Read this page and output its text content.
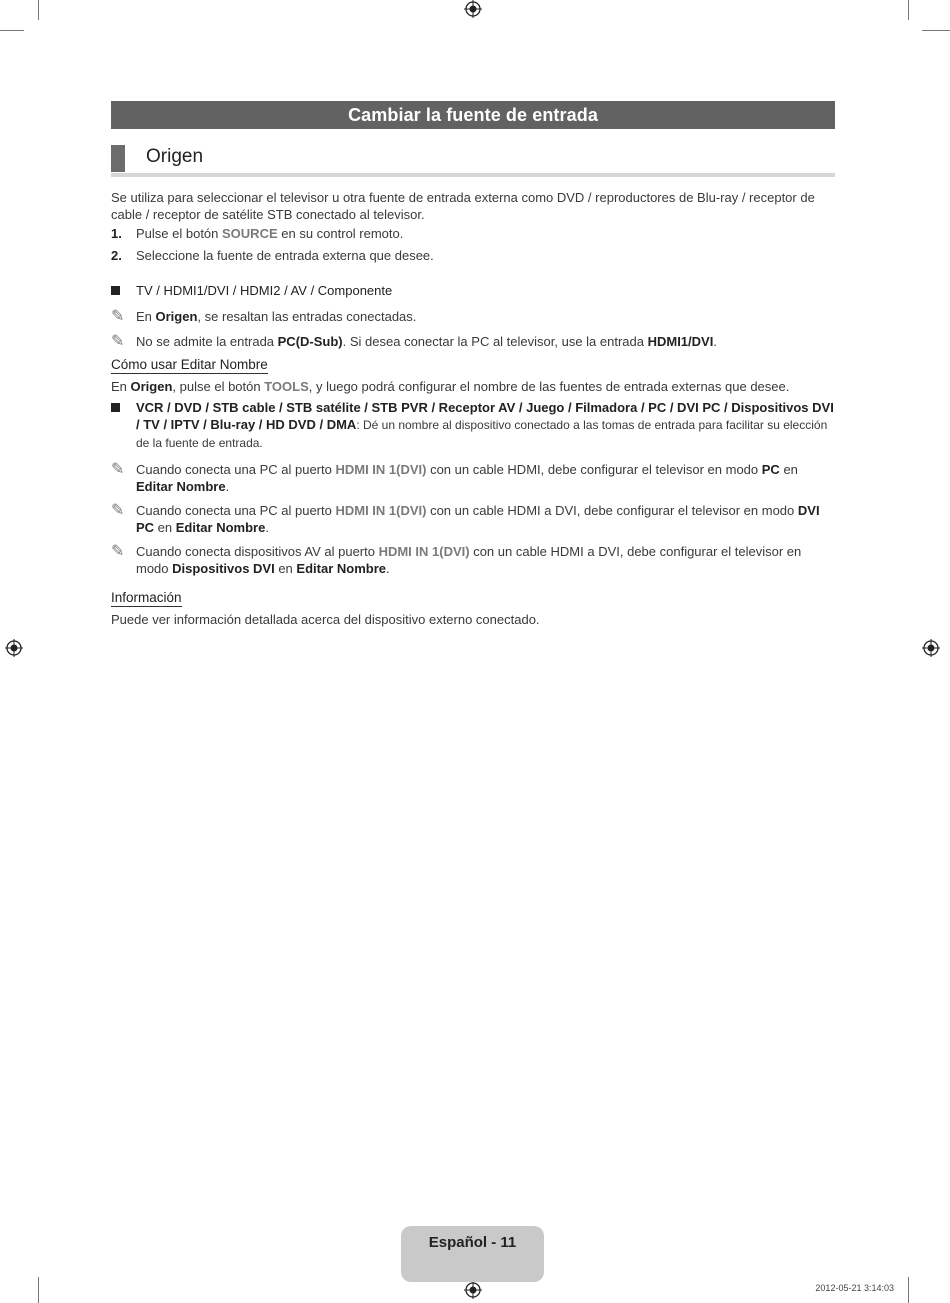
Cambiar la fuente de entrada
Origen

Se utiliza para seleccionar el televisor u otra fuente de entrada externa como DVD / reproductores de Blu-ray / receptor de cable / receptor de satélite STB conectado al televisor.

1.	Pulse el botón SOURCE en su control remoto.
2.	Seleccione la fuente de entrada externa que desee.
TV / HDMI1/DVI / HDMI2 / AV / Componente
✎ En Origen, se resaltan las entradas conectadas.
✎ No se admite la entrada PC(D-Sub). Si desea conectar la PC al televisor, use la entrada HDMI1/DVI.
Cómo usar Editar Nombre

En Origen, pulse el botón TOOLS, y luego podrá configurar el nombre de las fuentes de entrada externas que desee.

VCR / DVD / STB cable / STB satélite / STB PVR / Receptor AV / Juego / Filmadora / PC / DVI PC / Dispositivos DVI / TV / IPTV / Blu-ray / HD DVD / DMA: Dé un nombre al dispositivo conectado a las tomas de entrada para facilitar su elección de la fuente de entrada.
✎ Cuando conecta una PC al puerto HDMI IN 1(DVI) con un cable HDMI, debe configurar el televisor en modo PC en Editar Nombre.
✎ Cuando conecta una PC al puerto HDMI IN 1(DVI) con un cable HDMI a DVI, debe configurar el televisor en modo DVI PC en Editar Nombre.
✎ Cuando conecta dispositivos AV al puerto HDMI IN 1(DVI) con un cable HDMI a DVI, debe configurar el televisor en modo Dispositivos DVI en Editar Nombre.
Información

Puede ver información detallada acerca del dispositivo externo conectado.

Español - 11
2012-05-21 3:14:03
